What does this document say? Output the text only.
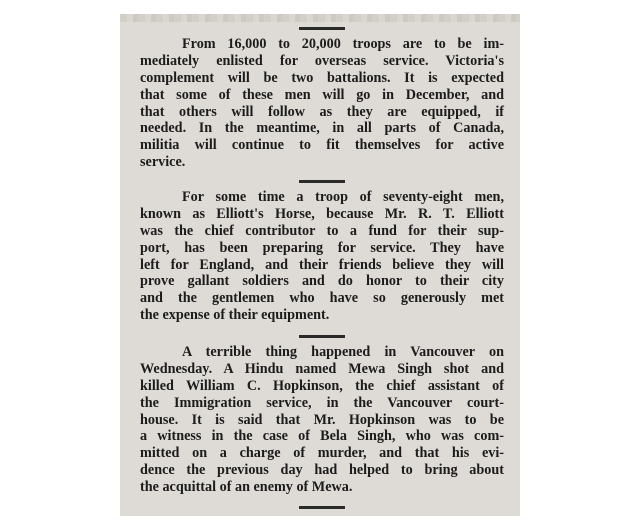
From 16,000 to 20,000 troops are to be im-
mediately enlisted for overseas service. Victoria's
complement will be two battalions. It is expected
that some of these men will go in December, and
that others will follow as they are equipped, if
needed. In the meantime, in all parts of Canada,
militia will continue to fit themselves for active
service.
For some time a troop of seventy-eight men,
known as Elliott's Horse, because Mr. R. T. Elliott
was the chief contributor to a fund for their sup-
port, has been preparing for service. They have
left for England, and their friends believe they will
prove gallant soldiers and do honor to their city
and the gentlemen who have so generously met
the expense of their equipment.
A terrible thing happened in Vancouver on
Wednesday. A Hindu named Mewa Singh shot and
killed William C. Hopkinson, the chief assistant of
the Immigration service, in the Vancouver court-
house. It is said that Mr. Hopkinson was to be
a witness in the case of Bela Singh, who was com-
mitted on a charge of murder, and that his evi-
dence the previous day had helped to bring about
the acquittal of an enemy of Mewa.
